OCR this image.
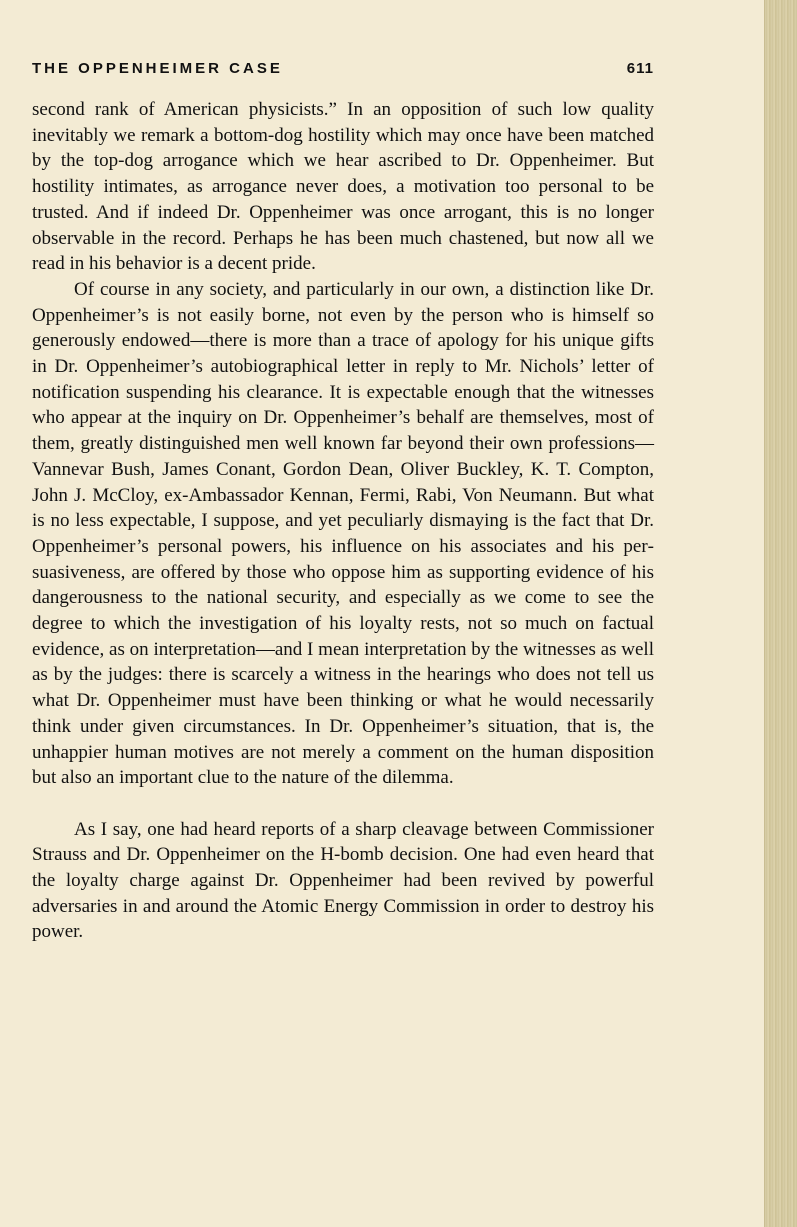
THE OPPENHEIMER CASE	611

second rank of American physicists.” In an opposition of such low quality inevitably we remark a bottom-dog hostility which may once have been matched by the top-dog arrogance which we hear ascribed to Dr. Oppenheimer. But hostility intimates, as arrogance never does, a motivation too personal to be trusted. And if indeed Dr. Oppenheimer was once arrogant, this is no longer observable in the record. Perhaps he has been much chastened, but now all we read in his behavior is a decent pride.

Of course in any society, and particularly in our own, a distinction like Dr. Oppenheimer’s is not easily borne, not even by the person who is himself so generously endowed—there is more than a trace of apology for his unique gifts in Dr. Oppenheimer’s autobiographical letter in reply to Mr. Nichols’ letter of notification suspending his clearance. It is expectable enough that the witnesses who appear at the inquiry on Dr. Oppenheimer’s behalf are themselves, most of them, greatly distinguished men well known far beyond their own professions—Vannevar Bush, James Conant, Gordon Dean, Oliver Buckley, K. T. Compton, John J. McCloy, ex-Ambassador Kennan, Fermi, Rabi, Von Neumann. But what is no less expectable, I suppose, and yet peculiarly dismaying is the fact that Dr. Oppenheimer’s personal powers, his influence on his associates and his persuasiveness, are offered by those who oppose him as supporting evidence of his dangerousness to the national security, and especially as we come to see the degree to which the investigation of his loyalty rests, not so much on factual evidence, as on interpretation—and I mean interpretation by the witnesses as well as by the judges: there is scarcely a witness in the hearings who does not tell us what Dr. Oppenheimer must have been thinking or what he would necessarily think under given circumstances. In Dr. Oppenheimer’s situation, that is, the unhappier human motives are not merely a comment on the human disposition but also an important clue to the nature of the dilemma.

As I say, one had heard reports of a sharp cleavage between Commissioner Strauss and Dr. Oppenheimer on the H-bomb decision. One had even heard that the loyalty charge against Dr. Oppenheimer had been revived by powerful adversaries in and around the Atomic Energy Commission in order to destroy his power.
